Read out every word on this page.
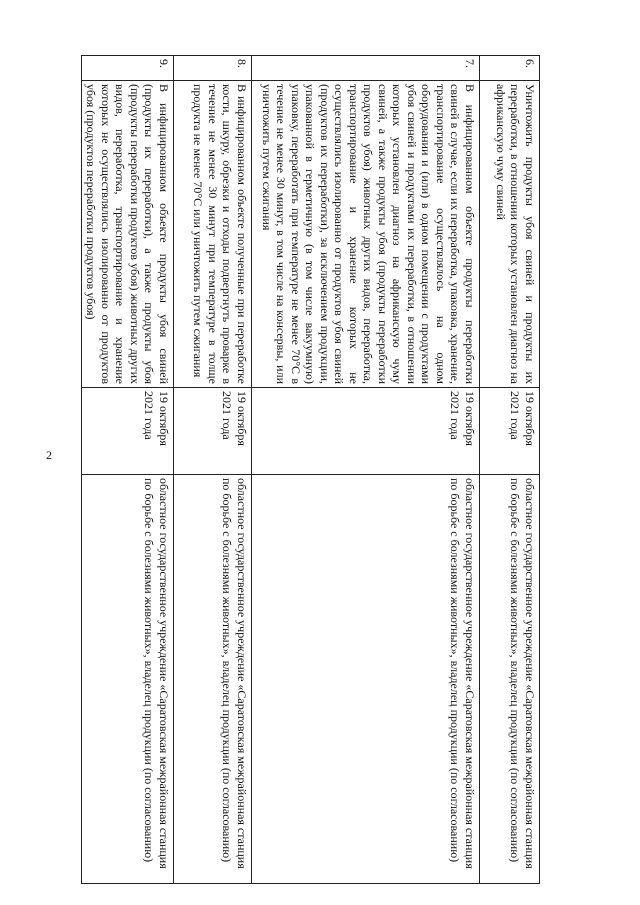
2
6.	Уничтожить продукты убоя свиней и продукты их переработки, в отношении которых установлен диагноз на африканскую чуму свиней	19 октября 2021 года	областное государственное учреждение «Саратовская межрайонная станция по борьбе с болезнями животных», владелец продукции (по согласованию)
7.	В инфицированном объекте продукты переработки свиней в случае, если их переработка, упаковка, хранение, транспортирование осуществлялось на одном оборудовании и (или) в одном помещении с продуктами убоя свиней и продуктами их переработки, в отношении которых установлен диагноз на африканскую чуму свиней, а также продукты убоя (продукты переработки продуктов убоя) животных других видов, переработка, транспортирование и хранение которых не осуществлялись изолированно от продуктов убоя свиней (продуктов их переработки), за исключением продукции, упакованной в герметичную (в том числе вакуумную) упаковку, переработать при температуре не менее 70°С в течение не менее 30 минут, в том числе на консервы, или уничтожить путем сжигания	19 октября 2021 года	областное государственное учреждение «Саратовская межрайонная станция по борьбе с болезнями животных», владелец продукции (по согласованию)
8.	В инфицированном объекте полученные при переработке кости, шкуру, обрезки и отходы подвергнуть проварке в течение не менее 30 минут при температуре в толще продукта не менее 70°С или уничтожить путем сжигания	19 октября 2021 года	областное государственное учреждение «Саратовская межрайонная станция по борьбе с болезнями животных», владелец продукции (по согласованию)
9.	В инфицированном объекте продукты убоя свиней (продукты их переработки), а также продукты убоя (продукты переработки продуктов убоя) животных других видов, переработка, транспортирование и хранение которых не осуществлялись изолированно от продуктов убоя (продуктов переработки продуктов убоя)	19 октября 2021 года	областное государственное учреждение «Саратовская межрайонная станция по борьбе с болезнями животных», владелец продукции (по согласованию)
